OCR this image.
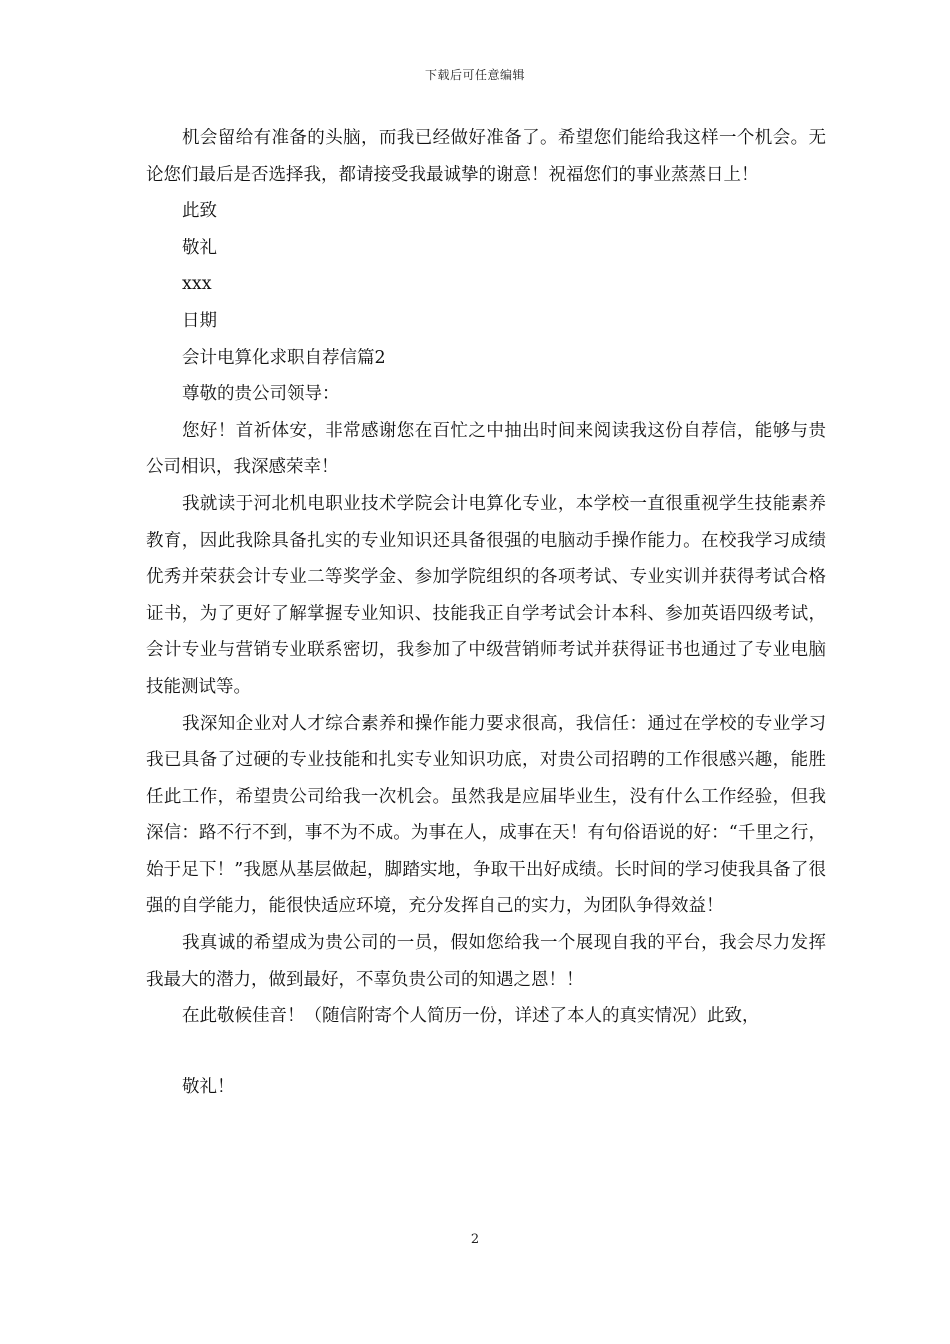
下载后可任意编辑

机会留给有准备的头脑，而我已经做好准备了。希望您们能给我这样一个机会。无论您们最后是否选择我，都请接受我最诚挚的谢意！祝福您们的事业蒸蒸日上！

此致

敬礼

xxx

日期

会计电算化求职自荐信篇2

尊敬的贵公司领导：

您好！首祈体安，非常感谢您在百忙之中抽出时间来阅读我这份自荐信，能够与贵公司相识，我深感荣幸！

我就读于河北机电职业技术学院会计电算化专业，本学校一直很重视学生技能素养教育，因此我除具备扎实的专业知识还具备很强的电脑动手操作能力。在校我学习成绩优秀并荣获会计专业二等奖学金、参加学院组织的各项考试、专业实训并获得考试合格证书，为了更好了解掌握专业知识、技能我正自学考试会计本科、参加英语四级考试，会计专业与营销专业联系密切，我参加了中级营销师考试并获得证书也通过了专业电脑技能测试等。

我深知企业对人才综合素养和操作能力要求很高，我信任：通过在学校的专业学习我已具备了过硬的专业技能和扎实专业知识功底，对贵公司招聘的工作很感兴趣，能胜任此工作，希望贵公司给我一次机会。虽然我是应届毕业生，没有什么工作经验，但我深信：路不行不到，事不为不成。为事在人，成事在天！有句俗语说的好：“千里之行，始于足下！”我愿从基层做起，脚踏实地，争取干出好成绩。长时间的学习使我具备了很强的自学能力，能很快适应环境，充分发挥自己的实力，为团队争得效益！

我真诚的希望成为贵公司的一员，假如您给我一个展现自我的平台，我会尽力发挥我最大的潜力，做到最好，不辜负贵公司的知遇之恩！！

在此敬候佳音！（随信附寄个人简历一份，详述了本人的真实情况）此致，

敬礼！

2
